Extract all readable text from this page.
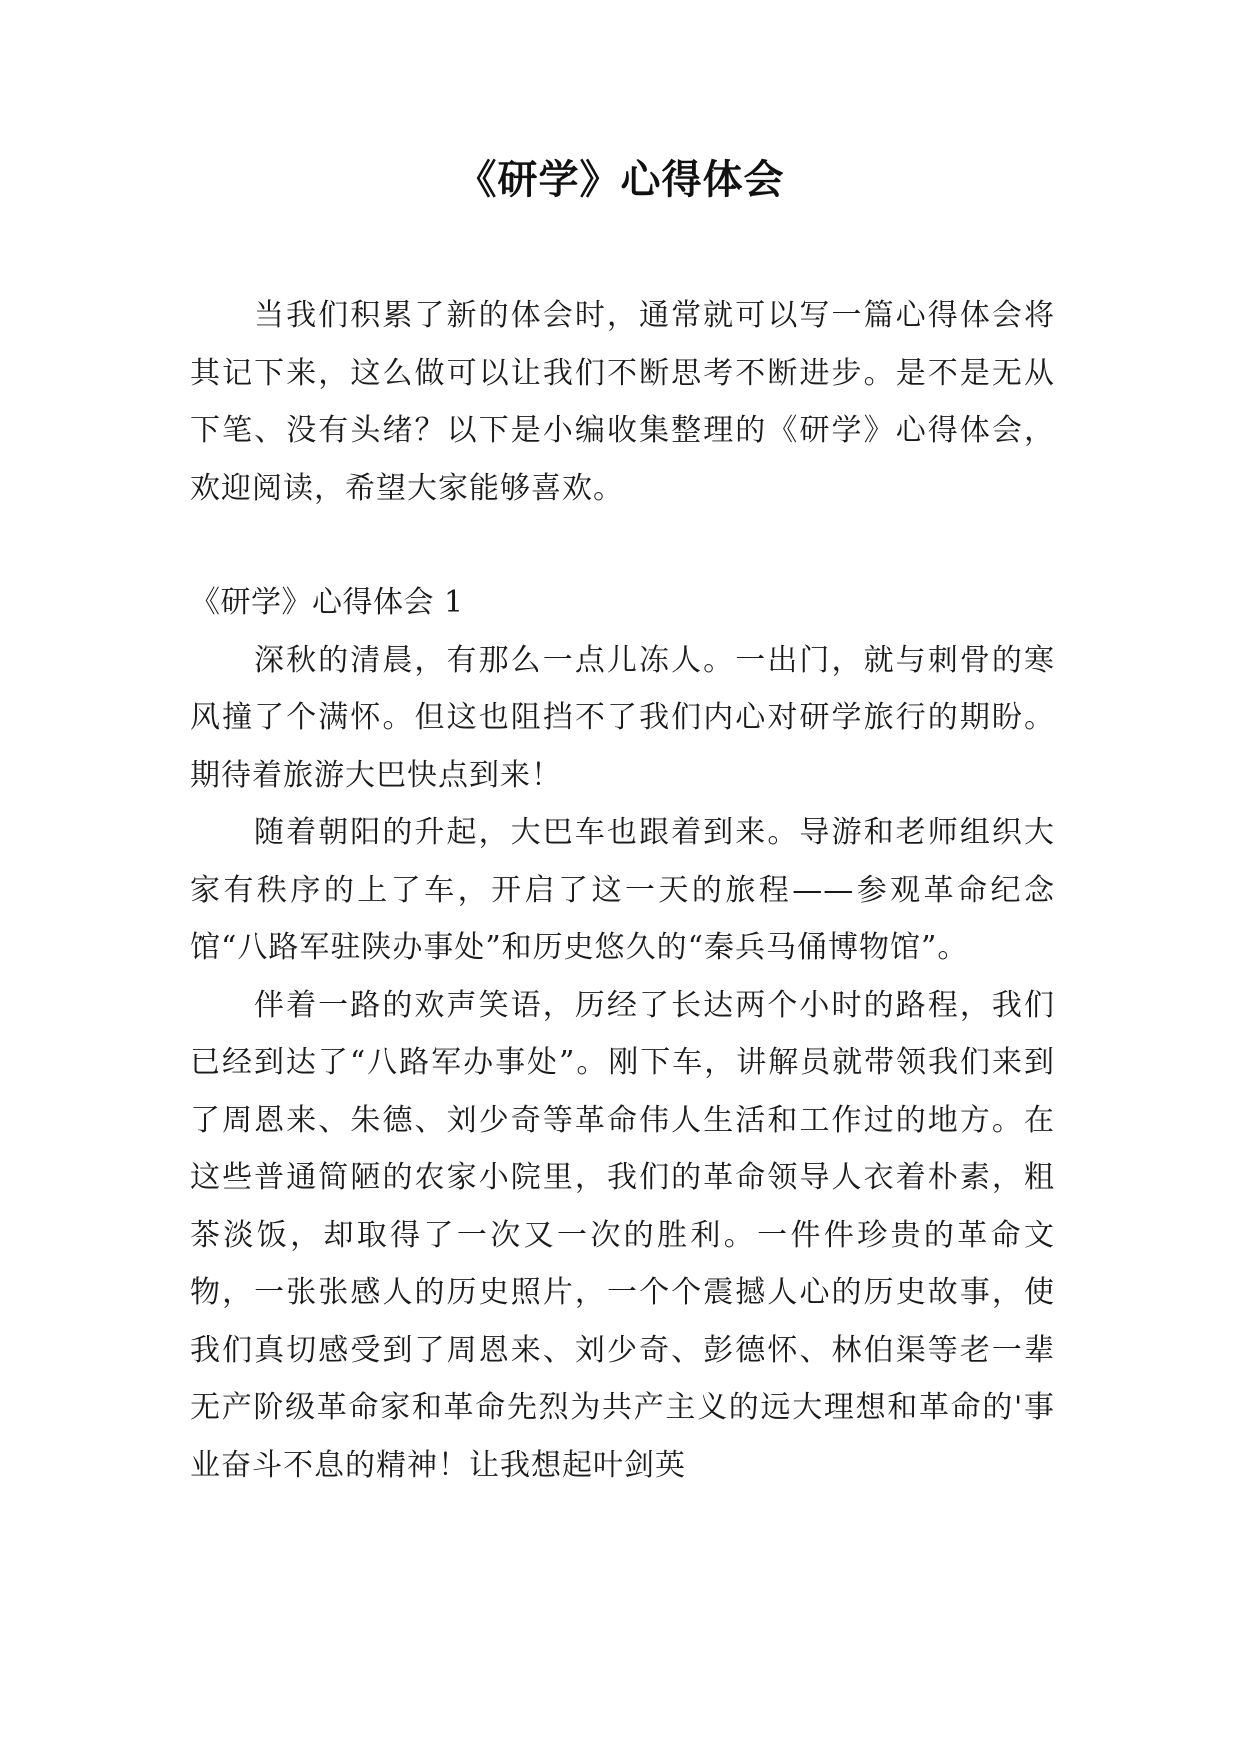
《研学》心得体会

当我们积累了新的体会时，通常就可以写一篇心得体会将其记下来，这么做可以让我们不断思考不断进步。是不是无从下笔、没有头绪？以下是小编收集整理的《研学》心得体会，欢迎阅读，希望大家能够喜欢。

《研学》心得体会 1

深秋的清晨，有那么一点儿冻人。一出门，就与刺骨的寒风撞了个满怀。但这也阻挡不了我们内心对研学旅行的期盼。期待着旅游大巴快点到来！

随着朝阳的升起，大巴车也跟着到来。导游和老师组织大家有秩序的上了车，开启了这一天的旅程——参观革命纪念馆“八路军驻陕办事处”和历史悠久的“秦兵马俑博物馆”。

伴着一路的欢声笑语，历经了长达两个小时的路程，我们已经到达了“八路军办事处”。刚下车，讲解员就带领我们来到了周恩来、朱德、刘少奇等革命伟人生活和工作过的地方。在这些普通简陋的农家小院里，我们的革命领导人衣着朴素，粗茶淡饭，却取得了一次又一次的胜利。一件件珍贵的革命文物，一张张感人的历史照片，一个个震撼人心的历史故事，使我们真切感受到了周恩来、刘少奇、彭德怀、林伯渠等老一辈无产阶级革命家和革命先烈为共产主义的远大理想和革命的'事业奋斗不息的精神！让我想起叶剑英
